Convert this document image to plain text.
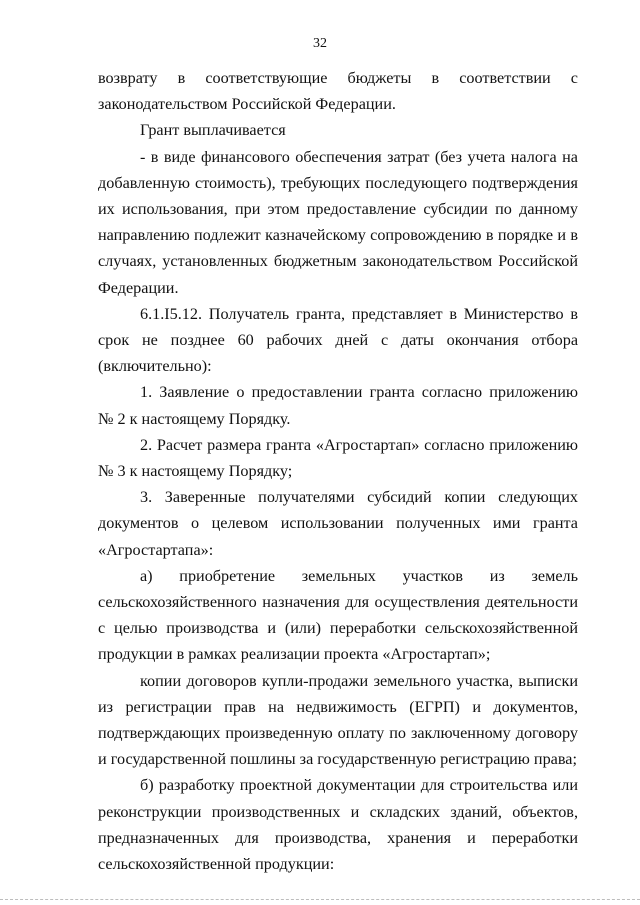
32

возврату в соответствующие бюджеты в соответствии с законодательством Российской Федерации.

Грант выплачивается

- в виде финансового обеспечения затрат (без учета налога на добавленную стоимость), требующих последующего подтверждения их использования, при этом предоставление субсидии по данному направлению подлежит казначейскому сопровождению в порядке и в случаях, установленных бюджетным законодательством Российской Федерации.

6.1.I5.12. Получатель гранта, представляет в Министерство в срок не позднее 60 рабочих дней с даты окончания отбора (включительно):

1. Заявление о предоставлении гранта согласно приложению № 2 к настоящему Порядку.

2. Расчет размера гранта «Агростартап» согласно приложению № 3 к настоящему Порядку;

3. Заверенные получателями субсидий копии следующих документов о целевом использовании полученных ими гранта «Агростартапа»:

а) приобретение земельных участков из земель сельскохозяйственного назначения для осуществления деятельности с целью производства и (или) переработки сельскохозяйственной продукции в рамках реализации проекта «Агростартап»;

копии договоров купли-продажи земельного участка, выписки из регистрации прав на недвижимость (ЕГРП) и документов, подтверждающих произведенную оплату по заключенному договору и государственной пошлины за государственную регистрацию права;

б) разработку проектной документации для строительства или реконструкции производственных и складских зданий, объектов, предназначенных для производства, хранения и переработки сельскохозяйственной продукции:
